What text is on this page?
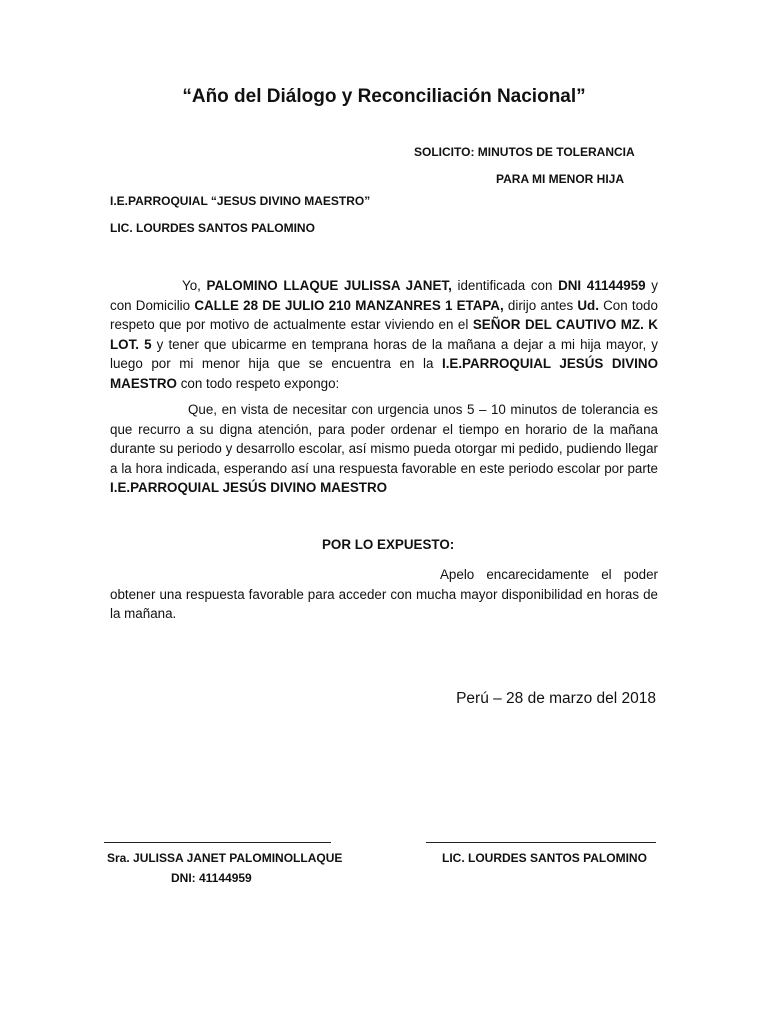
“Año del Diálogo y Reconciliación Nacional”
SOLICITO: MINUTOS DE TOLERANCIA
PARA MI MENOR HIJA
I.E.PARROQUIAL “JESUS DIVINO MAESTRO”
LIC. LOURDES SANTOS PALOMINO
Yo, PALOMINO LLAQUE JULISSA JANET, identificada con DNI 41144959 y con Domicilio CALLE 28 DE JULIO 210 MANZANRES 1 ETAPA, dirijo antes Ud. Con todo respeto que por motivo de actualmente estar viviendo en el SEÑOR DEL CAUTIVO MZ. K LOT. 5 y tener que ubicarme en temprana horas de la mañana a dejar a mi hija mayor, y luego por mi menor hija que se encuentra en la I.E.PARROQUIAL JESÚS DIVINO MAESTRO con todo respeto expongo:
Que, en vista de necesitar con urgencia unos 5 – 10 minutos de tolerancia es que recurro a su digna atención, para poder ordenar el tiempo en horario de la mañana durante su periodo y desarrollo escolar, así mismo pueda otorgar mi pedido, pudiendo llegar a la hora indicada, esperando así una respuesta favorable en este periodo escolar por parte I.E.PARROQUIAL JESÚS DIVINO MAESTRO
POR LO EXPUESTO:
Apelo encarecidamente el poder obtener una respuesta favorable para acceder con mucha mayor disponibilidad en horas de la mañana.
Perú – 28 de marzo del 2018
Sra. JULISSA JANET PALOMINOLLAQUE
DNI: 41144959
LIC. LOURDES SANTOS PALOMINO
